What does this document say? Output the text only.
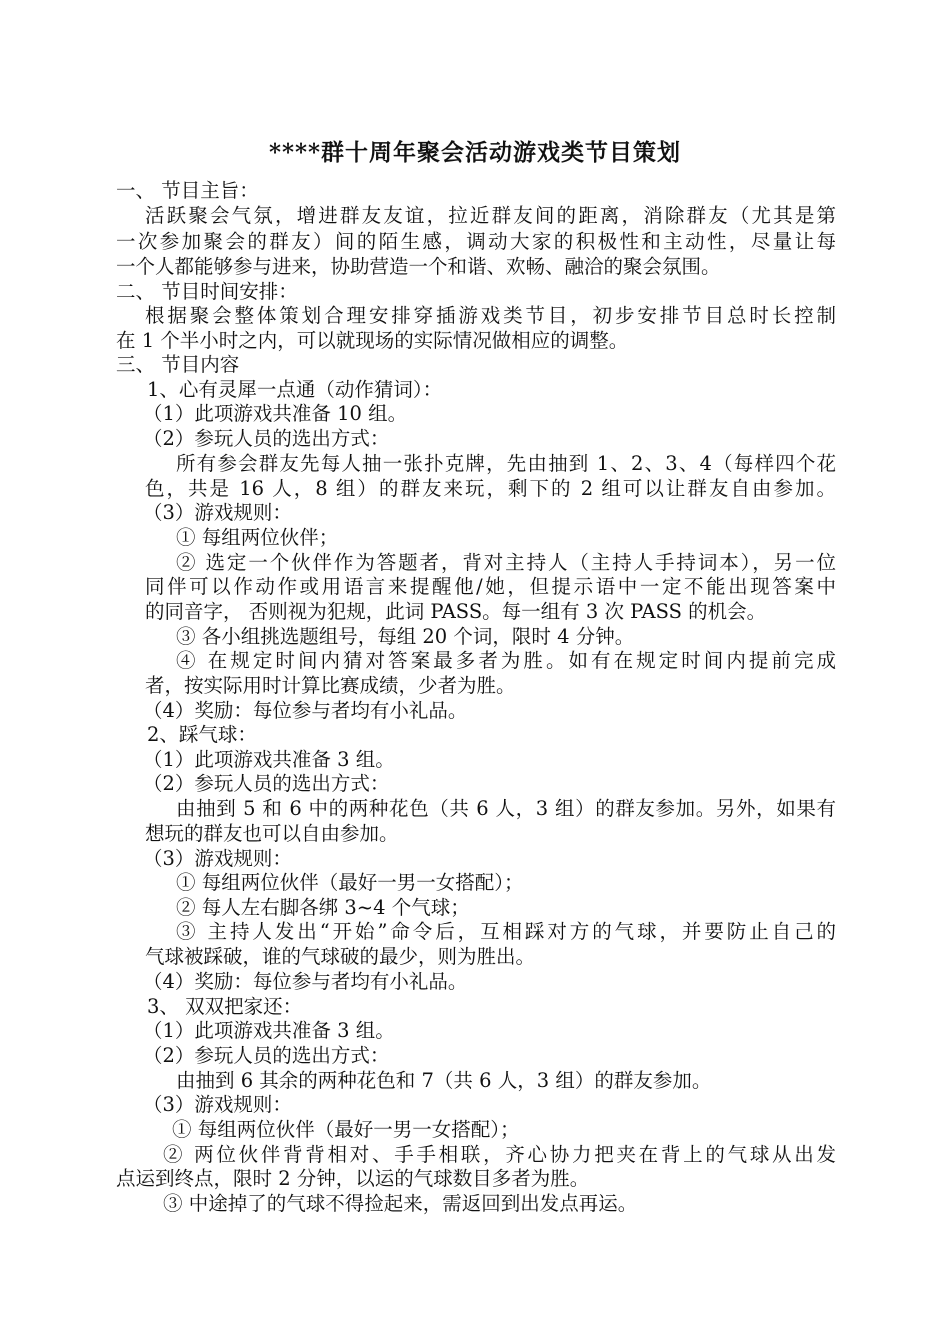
****群十周年聚会活动游戏类节目策划
一、 节目主旨：
活跃聚会气氛，增进群友友谊，拉近群友间的距离，消除群友（尤其是第
一次参加聚会的群友）间的陌生感，调动大家的积极性和主动性，尽量让每
一个人都能够参与进来，协助营造一个和谐、欢畅、融洽的聚会氛围。
二、 节目时间安排：
根据聚会整体策划合理安排穿插游戏类节目，初步安排节目总时长控制
在 1 个半小时之内，可以就现场的实际情况做相应的调整。
三、 节目内容
1、心有灵犀一点通（动作猜词）：
（1）此项游戏共准备 10 组。
（2）参玩人员的选出方式：
所有参会群友先每人抽一张扑克牌，先由抽到 1、2、3、4（每样四个花
色，共是 16 人，8 组）的群友来玩，剩下的 2 组可以让群友自由参加。
（3）游戏规则：
① 每组两位伙伴；
② 选定一个伙伴作为答题者，背对主持人（主持人手持词本），另一位
同伴可以作动作或用语言来提醒他/她，但提示语中一定不能出现答案中
的同音字， 否则视为犯规，此词 PASS。每一组有 3 次 PASS 的机会。
③ 各小组挑选题组号，每组 20 个词，限时 4 分钟。
④ 在规定时间内猜对答案最多者为胜。如有在规定时间内提前完成
者，按实际用时计算比赛成绩，少者为胜。
（4）奖励：每位参与者均有小礼品。
2、踩气球：
（1）此项游戏共准备 3 组。
（2）参玩人员的选出方式：
由抽到 5 和 6 中的两种花色（共 6 人，3 组）的群友参加。另外，如果有
想玩的群友也可以自由参加。
（3）游戏规则：
① 每组两位伙伴（最好一男一女搭配）；
② 每人左右脚各绑 3~4 个气球；
③ 主持人发出“开始”命令后，互相踩对方的气球，并要防止自己的
气球被踩破，谁的气球破的最少，则为胜出。
（4）奖励：每位参与者均有小礼品。
3、 双双把家还：
（1）此项游戏共准备 3 组。
（2）参玩人员的选出方式：
由抽到 6 其余的两种花色和 7（共 6 人，3 组）的群友参加。
（3）游戏规则：
① 每组两位伙伴（最好一男一女搭配）；
② 两位伙伴背背相对、手手相联，齐心协力把夹在背上的气球从出发
点运到终点，限时 2 分钟，以运的气球数目多者为胜。
③ 中途掉了的气球不得捡起来，需返回到出发点再运。
